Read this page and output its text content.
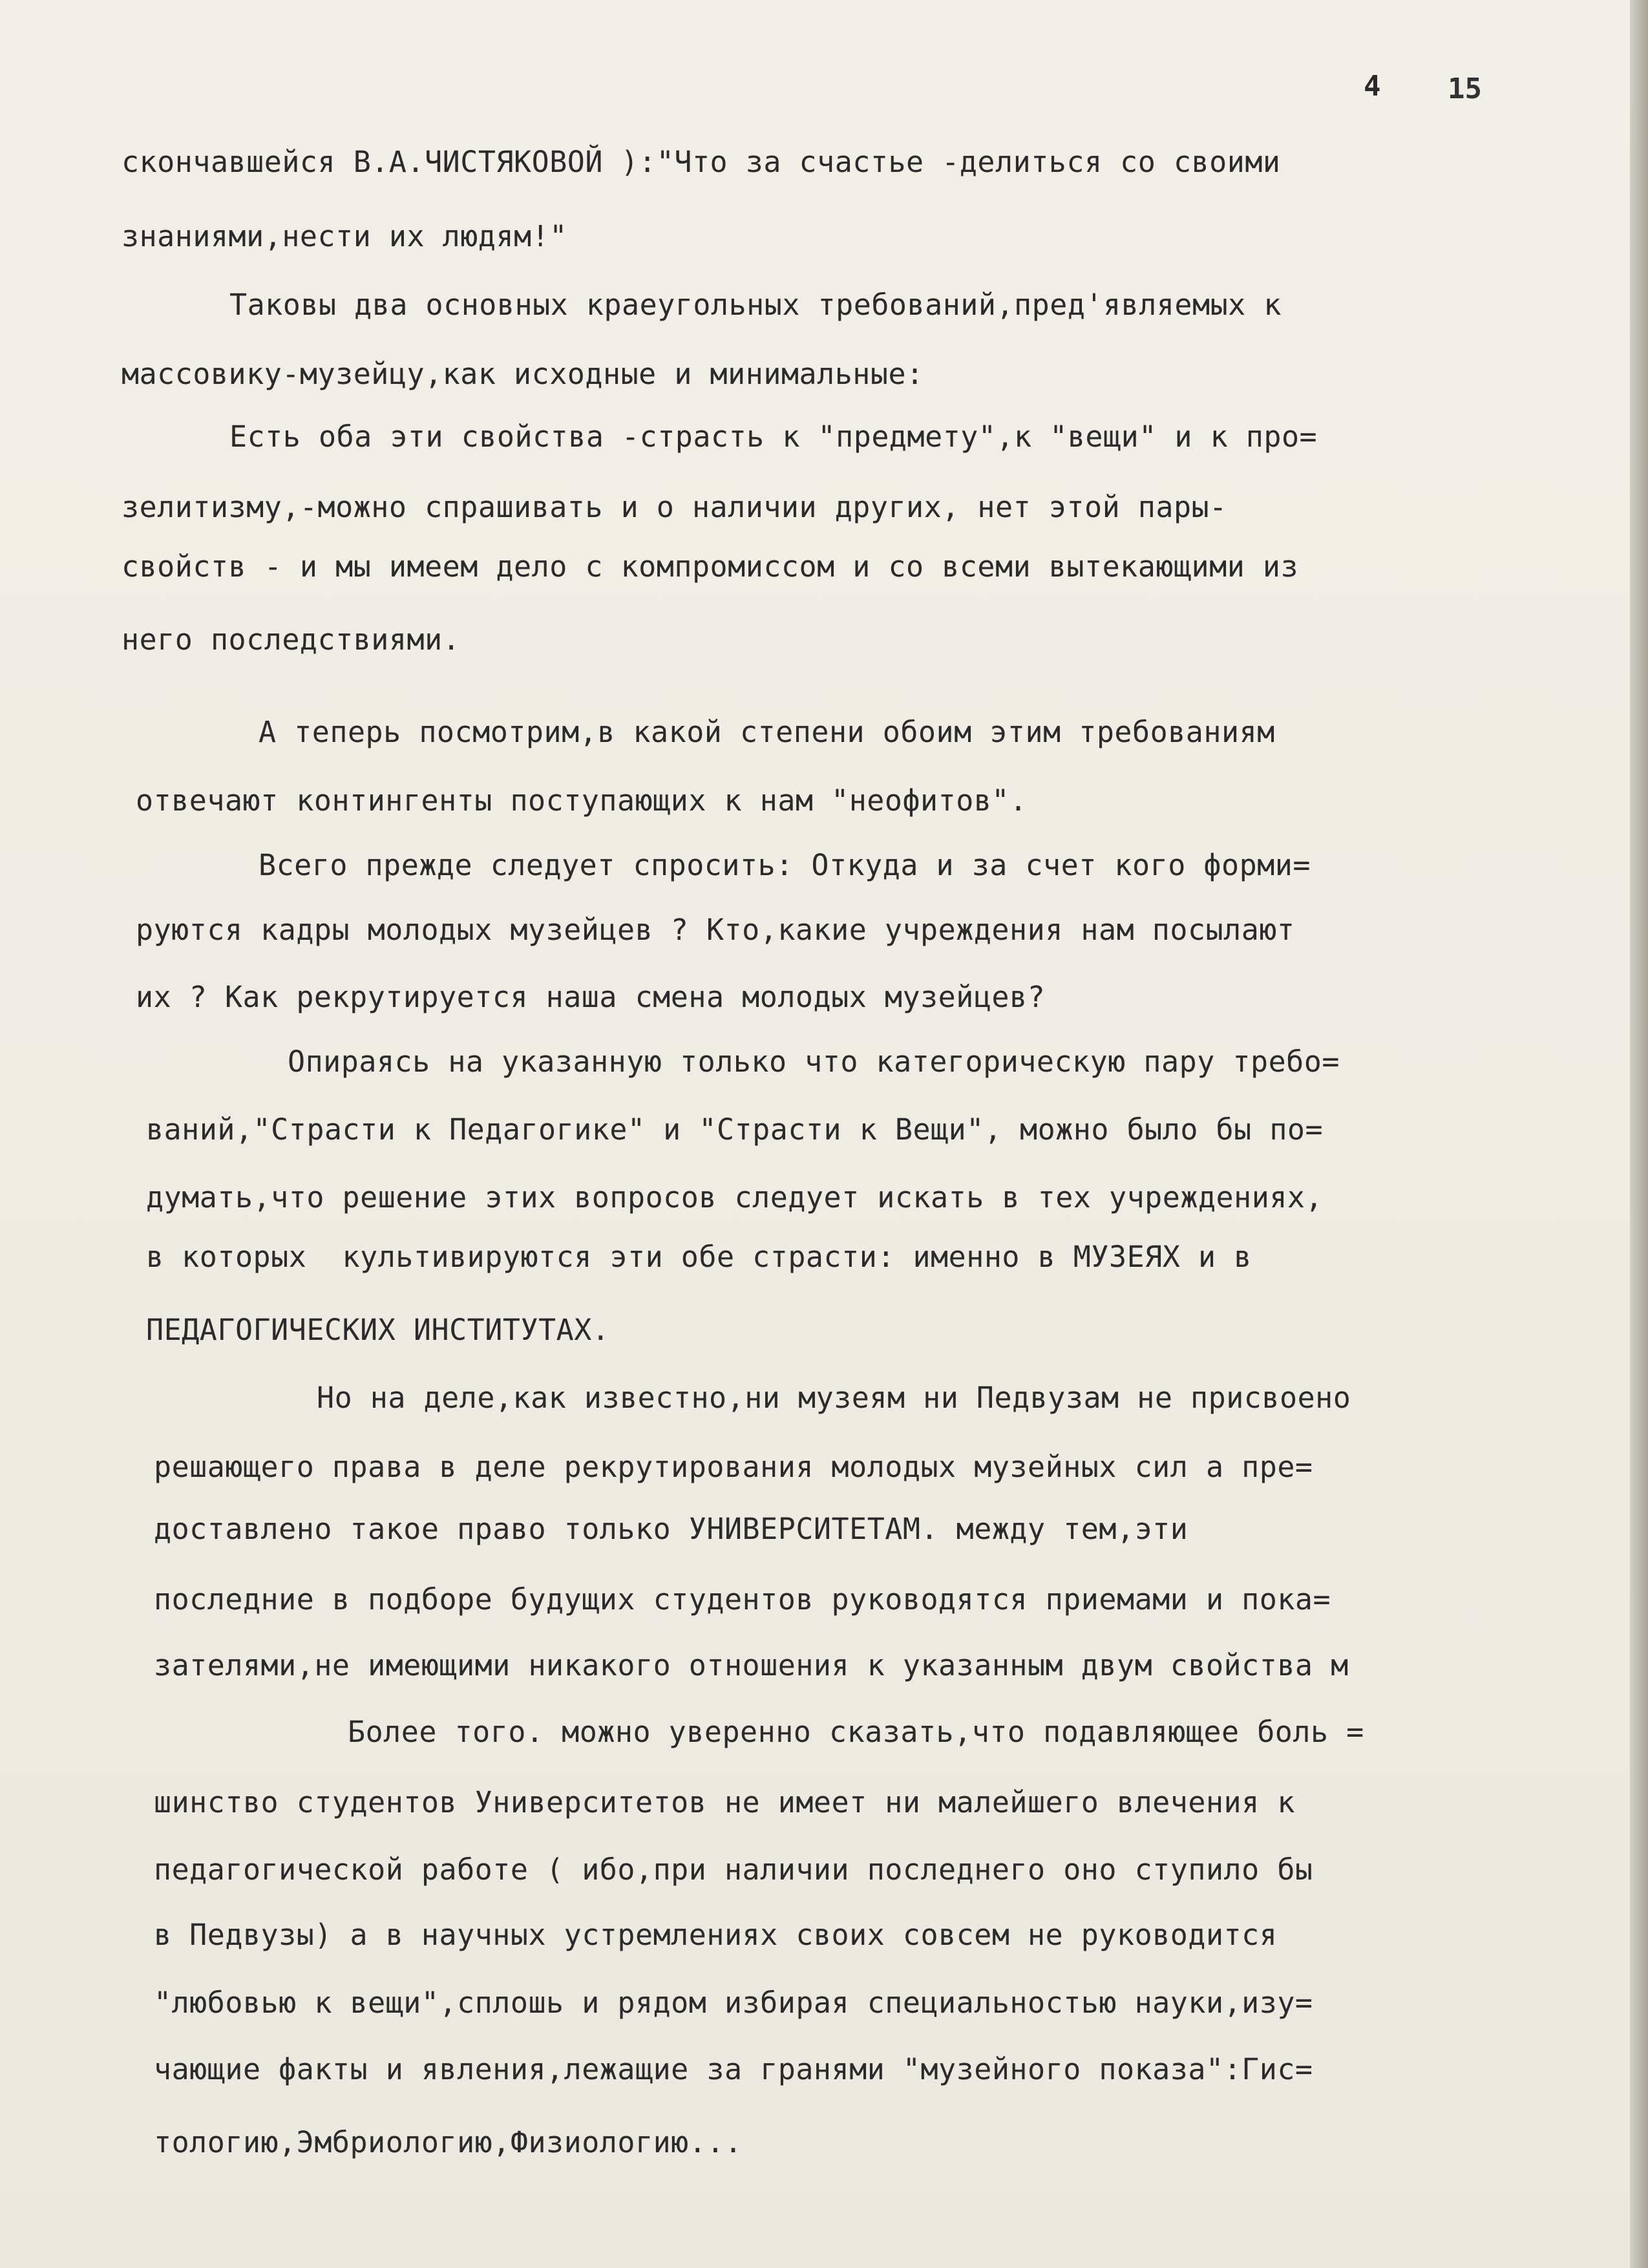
4 15
скончавшейся В.А.ЧИСТЯКОВОЙ ):"Что за счастье -делиться со своими
знаниями,нести их людям!"
Таковы два основных краеугольных требований,пред'являемых к
массовику-музейцу,как исходные и минимальные:
Есть оба эти свойства -страсть к "предмету",к "вещи" и к про=
зелитизму,-можно спрашивать и о наличии других, нет этой пары-
свойств - и мы имеем дело с компромиссом и со всеми вытекающими из
него последствиями.
А теперь посмотрим,в какой степени обоим этим требованиям
отвечают контингенты поступающих к нам "неофитов".
Всего прежде следует спросить: Откуда и за счет кого форми=
руются кадры молодых музейцев ? Кто,какие учреждения нам посылают
их ? Как рекрутируется наша смена молодых музейцев?
Опираясь на указанную только что категорическую пару требо=
ваний,"Страсти к Педагогике" и "Страсти к Вещи", можно было бы по=
думать,что решение этих вопросов следует искать в тех учреждениях,
в которых  культивируются эти обе страсти: именно в МУЗЕЯХ и в
ПЕДАГОГИЧЕСКИХ ИНСТИТУТАХ.
Но на деле,как известно,ни музеям ни Педвузам не присвоено
решающего права в деле рекрутирования молодых музейных сил а пре=
доставлено такое право только УНИВЕРСИТЕТАМ. между тем,эти
последние в подборе будущих студентов руководятся приемами и пока=
зателями,не имеющими никакого отношения к указанным двум свойства м
Более того. можно уверенно сказать,что подавляющее боль =
шинство студентов Университетов не имеет ни малейшего влечения к
педагогической работе ( ибо,при наличии последнего оно ступило бы
в Педвузы) а в научных устремлениях своих совсем не руководится
"любовью к вещи",сплошь и рядом избирая специальностью науки,изу=
чающие факты и явления,лежащие за гранями "музейного показа":Гис=
тологию,Эмбриологию,Физиологию...
